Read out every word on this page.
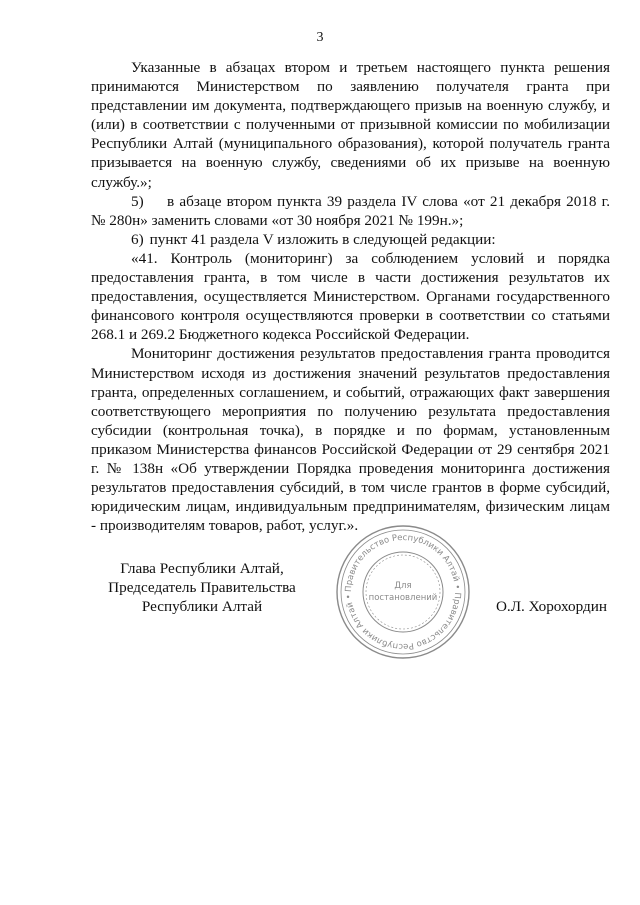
3

Указанные в абзацах втором и третьем настоящего пункта решения принимаются Министерством по заявлению получателя гранта при представлении им документа, подтверждающего призыв на военную службу, и (или) в соответствии с полученными от призывной комиссии по мобилизации Республики Алтай (муниципального образования), которой получатель гранта призывается на военную службу, сведениями об их призыве на военную службу.»;

5) в абзаце втором пункта 39 раздела IV слова «от 21 декабря 2018 г. № 280н» заменить словами «от 30 ноября 2021 № 199н.»;

6) пункт 41 раздела V изложить в следующей редакции:

«41. Контроль (мониторинг) за соблюдением условий и порядка предоставления гранта, в том числе в части достижения результатов их предоставления, осуществляется Министерством. Органами государственного финансового контроля осуществляются проверки в соответствии со статьями 268.1 и 269.2 Бюджетного кодекса Российской Федерации.

Мониторинг достижения результатов предоставления гранта проводится Министерством исходя из достижения значений результатов предоставления гранта, определенных соглашением, и событий, отражающих факт завершения соответствующего мероприятия по получению результата предоставления субсидии (контрольная точка), в порядке и по формам, установленным приказом Министерства финансов Российской Федерации от 29 сентября 2021 г. № 138н «Об утверждении Порядка проведения мониторинга достижения результатов предоставления субсидий, в том числе грантов в форме субсидий, юридическим лицам, индивидуальным предпринимателям, физическим лицам - производителям товаров, работ, услуг.».

Глава Республики Алтай,
Председатель Правительства
Республики Алтай
Правительство Республики Алтай • Правительство Республики Алтай •
Для
постановлений	О.Л. Хорохордин
